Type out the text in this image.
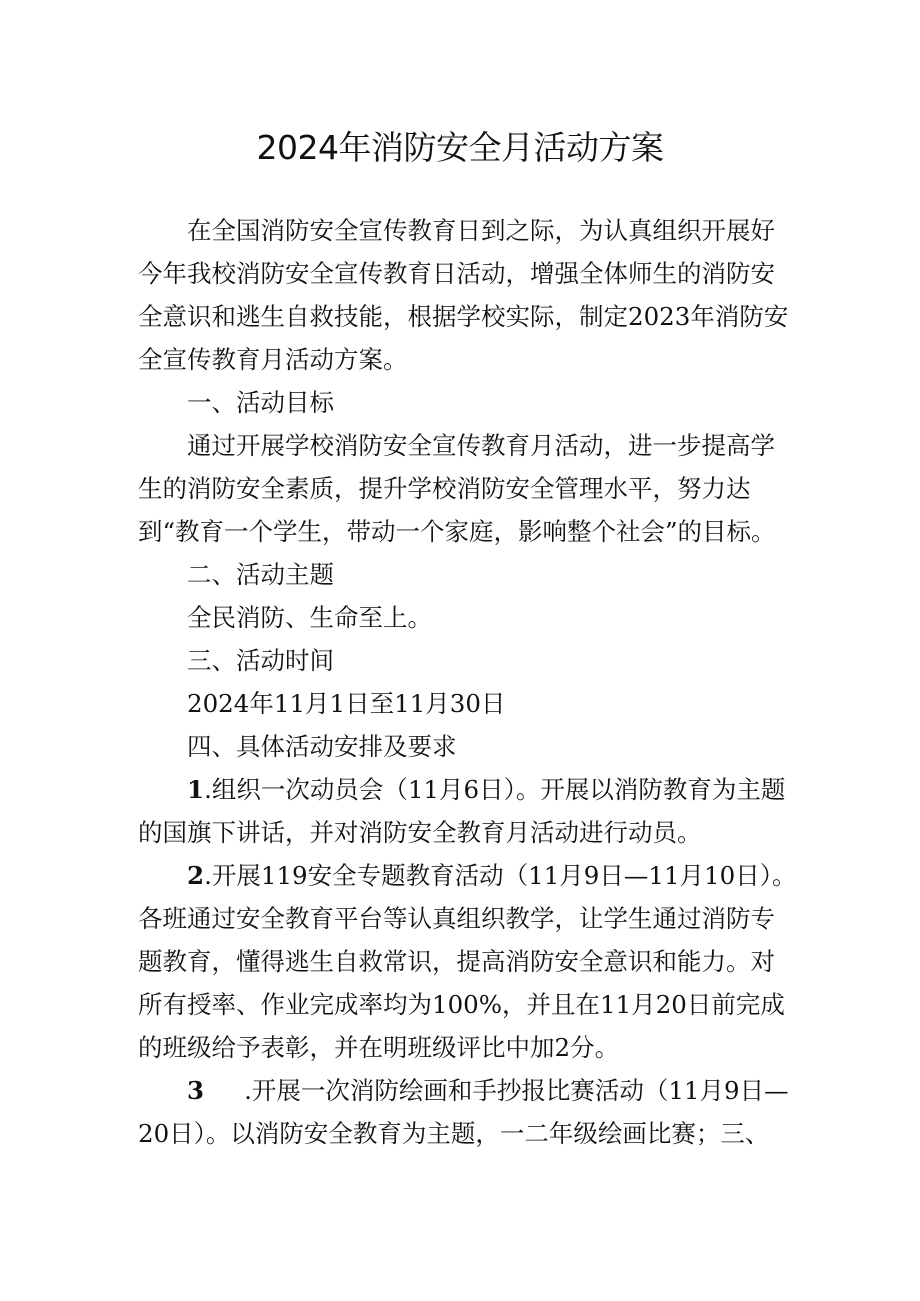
2024年消防安全月活动方案

在全国消防安全宣传教育日到之际，为认真组织开展好今年我校消防安全宣传教育日活动，增强全体师生的消防安全意识和逃生自救技能，根据学校实际，制定2023年消防安全宣传教育月活动方案。

一、活动目标

通过开展学校消防安全宣传教育月活动，进一步提高学生的消防安全素质，提升学校消防安全管理水平，努力达到“教育一个学生，带动一个家庭，影响整个社会”的目标。

二、活动主题

全民消防、生命至上。

三、活动时间

2024年11月1日至11月30日

四、具体活动安排及要求

1.组织一次动员会（11月6日）。开展以消防教育为主题的国旗下讲话，并对消防安全教育月活动进行动员。

2.开展119安全专题教育活动（11月9日—11月10日）。各班通过安全教育平台等认真组织教学，让学生通过消防专题教育，懂得逃生自救常识，提高消防安全意识和能力。对所有授率、作业完成率均为100%，并且在11月20日前完成的班级给予表彰，并在明班级评比中加2分。

3 .开展一次消防绘画和手抄报比赛活动（11月9日—20日）。以消防安全教育为主题，一二年级绘画比赛；三、
